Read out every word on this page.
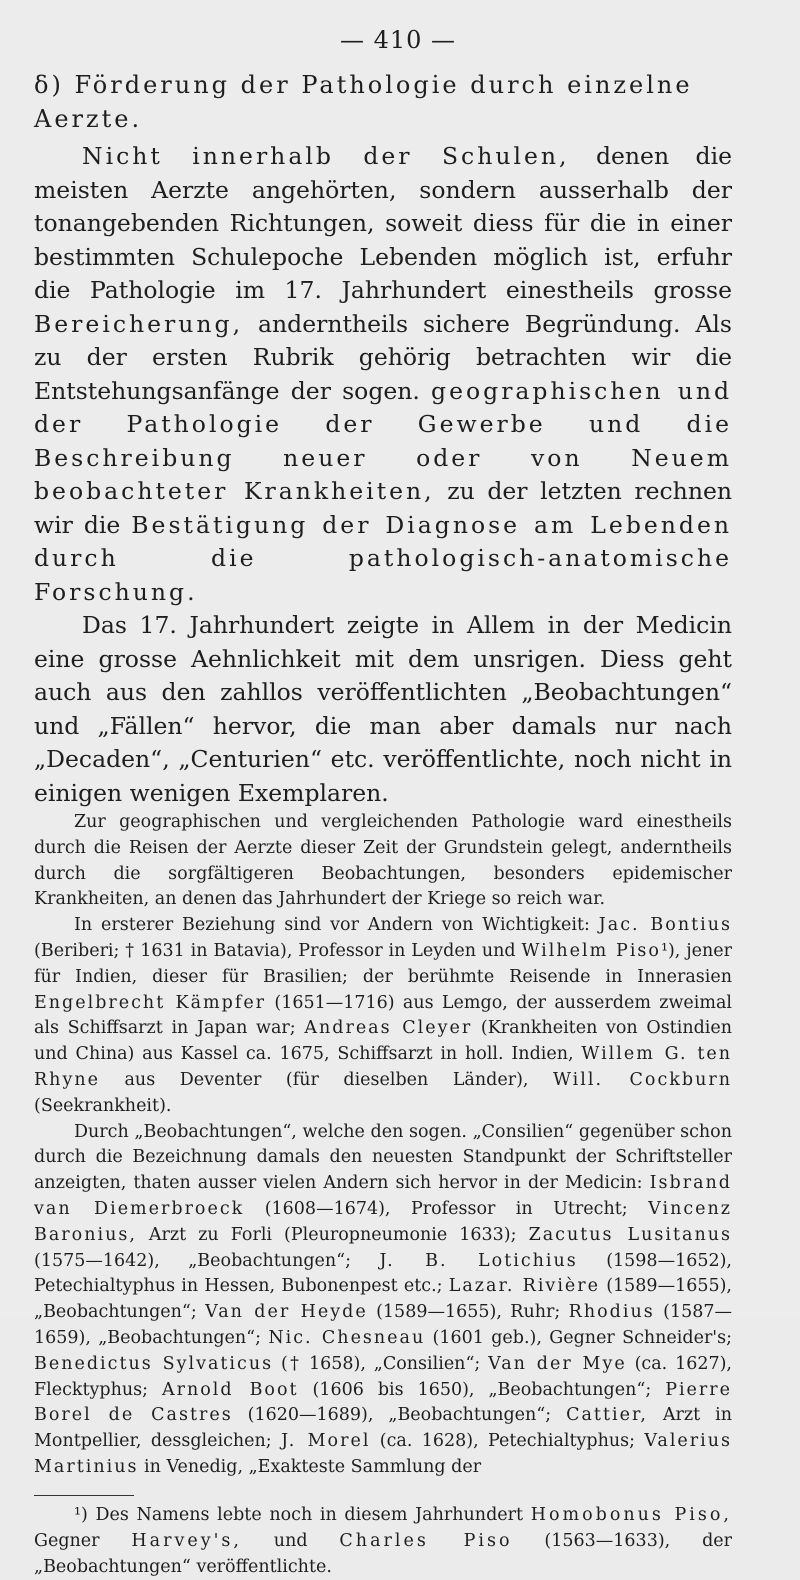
— 410 —
δ) Förderung der Pathologie durch einzelne Aerzte.

Nicht innerhalb der Schulen, denen die meisten Aerzte angehörten, sondern ausserhalb der tonangebenden Richtungen, soweit diess für die in einer bestimmten Schulepoche Lebenden möglich ist, erfuhr die Pathologie im 17. Jahrhundert einestheils grosse Bereicherung, anderntheils sichere Begründung. Als zu der ersten Rubrik gehörig betrachten wir die Entstehungsanfänge der sogen. geographischen und der Pathologie der Gewerbe und die Beschreibung neuer oder von Neuem beobachteter Krankheiten, zu der letzten rechnen wir die Bestätigung der Diagnose am Lebenden durch die pathologisch-anatomische Forschung.

Das 17. Jahrhundert zeigte in Allem in der Medicin eine grosse Aehnlichkeit mit dem unsrigen. Diess geht auch aus den zahllos veröffentlichten „Beobachtungen“ und „Fällen“ hervor, die man aber damals nur nach „Decaden“, „Centurien“ etc. veröffentlichte, noch nicht in einigen wenigen Exemplaren.

Zur geographischen und vergleichenden Pathologie ward einestheils durch die Reisen der Aerzte dieser Zeit der Grundstein gelegt, anderntheils durch die sorgfältigeren Beobachtungen, besonders epidemischer Krankheiten, an denen das Jahrhundert der Kriege so reich war.

In ersterer Beziehung sind vor Andern von Wichtigkeit: Jac. Bontius (Beriberi; † 1631 in Batavia), Professor in Leyden und Wilhelm Piso¹), jener für Indien, dieser für Brasilien; der berühmte Reisende in Innerasien Engelbrecht Kämpfer (1651—1716) aus Lemgo, der ausserdem zweimal als Schiffsarzt in Japan war; Andreas Cleyer (Krankheiten von Ostindien und China) aus Kassel ca. 1675, Schiffsarzt in holl. Indien, Willem G. ten Rhyne aus Deventer (für dieselben Länder), Will. Cockburn (Seekrankheit).

Durch „Beobachtungen“, welche den sogen. „Consilien“ gegenüber schon durch die Bezeichnung damals den neuesten Standpunkt der Schriftsteller anzeigten, thaten ausser vielen Andern sich hervor in der Medicin: Isbrand van Diemerbroeck (1608—1674), Professor in Utrecht; Vincenz Baronius, Arzt zu Forli (Pleuropneumonie 1633); Zacutus Lusitanus (1575—1642), „Beobachtungen“; J. B. Lotichius (1598—1652), Petechialtyphus in Hessen, Bubonenpest etc.; Lazar. Rivière (1589—1655), „Beobachtungen“; Van der Heyde (1589—1655), Ruhr; Rhodius (1587—1659), „Beobachtungen“; Nic. Chesneau (1601 geb.), Gegner Schneider's; Benedictus Sylvaticus († 1658), „Consilien“; Van der Mye (ca. 1627), Flecktyphus; Arnold Boot (1606 bis 1650), „Beobachtungen“; Pierre Borel de Castres (1620—1689), „Beobachtungen“; Cattier, Arzt in Montpellier, dessgleichen; J. Morel (ca. 1628), Petechialtyphus; Valerius Martinius in Venedig, „Exakteste Sammlung der

¹) Des Namens lebte noch in diesem Jahrhundert Homobonus Piso, Gegner Harvey's, und Charles Piso (1563—1633), der „Beobachtungen“ veröffentlichte.
